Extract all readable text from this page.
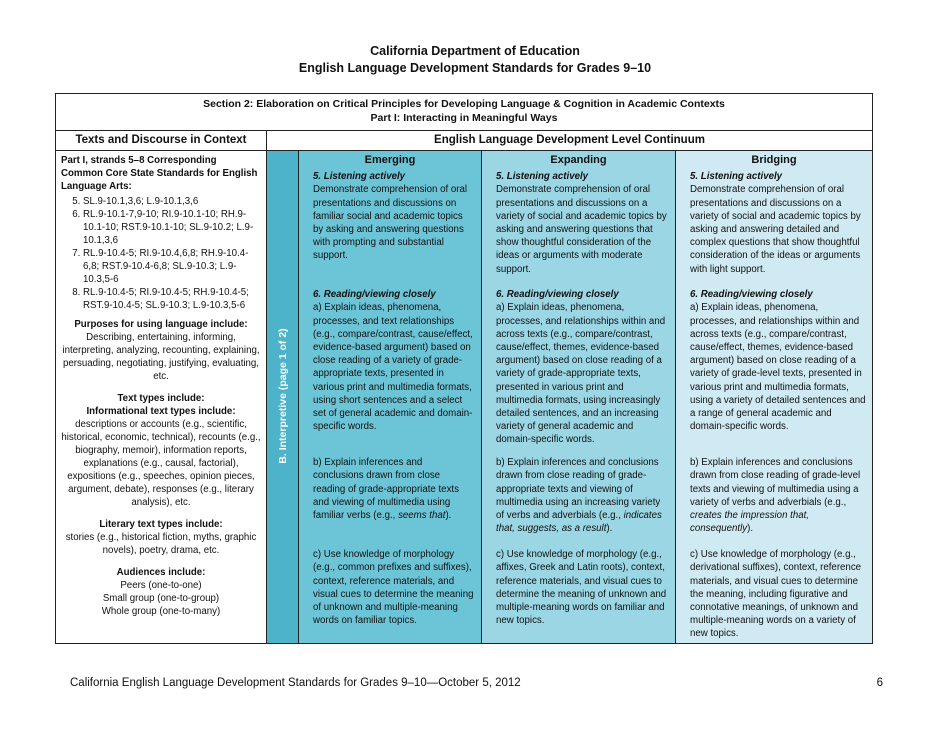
California Department of Education
English Language Development Standards for Grades 9–10
Section 2: Elaboration on Critical Principles for Developing Language & Cognition in Academic Contexts
Part I: Interacting in Meaningful Ways
Texts and Discourse in Context	English Language Development Level Continuum
Part I, strands 5–8 Corresponding Common Core State Standards for English Language Arts:
5. SL.9-10.1,3,6; L.9-10.1,3,6
6. RL.9-10.1-7,9-10; RI.9-10.1-10; RH.9-10.1-10; RST.9-10.1-10; SL.9-10.2; L.9-10.1,3,6
7. RL.9-10.4-5; RI.9-10.4,6,8; RH.9-10.4-6,8; RST.9-10.4-6,8; SL.9-10.3; L.9-10.3,5-6
8. RL.9-10.4-5; RI.9-10.4-5; RH.9-10.4-5; RST.9-10.4-5; SL.9-10.3; L.9-10.3,5-6
Purposes for using language include:
Describing, entertaining, informing, interpreting, analyzing, recounting, explaining, persuading, negotiating, justifying, evaluating, etc.
Text types include:
Informational text types include:
descriptions or accounts (e.g., scientific, historical, economic, technical), recounts (e.g., biography, memoir), information reports, explanations (e.g., causal, factorial), expositions (e.g., speeches, opinion pieces, argument, debate), responses (e.g., literary analysis), etc.
Literary text types include:
stories (e.g., historical fiction, myths, graphic novels), poetry, drama, etc.
Audiences include:
Peers (one-to-one)
Small group (one-to-group)
Whole group (one-to-many)
B. Interpretive (page 1 of 2)
Emerging

5. Listening actively

Demonstrate comprehension of oral presentations and discussions on familiar social and academic topics by asking and answering questions with prompting and substantial support.

6. Reading/viewing closely

a) Explain ideas, phenomena, processes, and text relationships (e.g., compare/contrast, cause/effect, evidence-based argument) based on close reading of a variety of grade-appropriate texts, presented in various print and multimedia formats, using short sentences and a select set of general academic and domain-specific words.

b) Explain inferences and conclusions drawn from close reading of grade-appropriate texts and viewing of multimedia using familiar verbs (e.g., seems that).

c) Use knowledge of morphology (e.g., common prefixes and suffixes), context, reference materials, and visual cues to determine the meaning of unknown and multiple-meaning words on familiar topics.

Expanding

5. Listening actively

Demonstrate comprehension of oral presentations and discussions on a variety of social and academic topics by asking and answering questions that show thoughtful consideration of the ideas or arguments with moderate support.

6. Reading/viewing closely

a) Explain ideas, phenomena, processes, and relationships within and across texts (e.g., compare/contrast, cause/effect, themes, evidence-based argument) based on close reading of a variety of grade-appropriate texts, presented in various print and multimedia formats, using increasingly detailed sentences, and an increasing variety of general academic and domain-specific words.

b) Explain inferences and conclusions drawn from close reading of grade-appropriate texts and viewing of multimedia using an increasing variety of verbs and adverbials (e.g., indicates that, suggests, as a result).

c) Use knowledge of morphology (e.g., affixes, Greek and Latin roots), context, reference materials, and visual cues to determine the meaning of unknown and multiple-meaning words on familiar and new topics.

Bridging

5. Listening actively

Demonstrate comprehension of oral presentations and discussions on a variety of social and academic topics by asking and answering detailed and complex questions that show thoughtful consideration of the ideas or arguments with light support.

6. Reading/viewing closely

a) Explain ideas, phenomena, processes, and relationships within and across texts (e.g., compare/contrast, cause/effect, themes, evidence-based argument) based on close reading of a variety of grade-level texts, presented in various print and multimedia formats, using a variety of detailed sentences and a range of general academic and domain-specific words.

b) Explain inferences and conclusions drawn from close reading of grade-level texts and viewing of multimedia using a variety of verbs and adverbials (e.g., creates the impression that, consequently).

c) Use knowledge of morphology (e.g., derivational suffixes), context, reference materials, and visual cues to determine the meaning, including figurative and connotative meanings, of unknown and multiple-meaning words on a variety of new topics.

California English Language Development Standards for Grades 9–10—October 5, 2012	6
